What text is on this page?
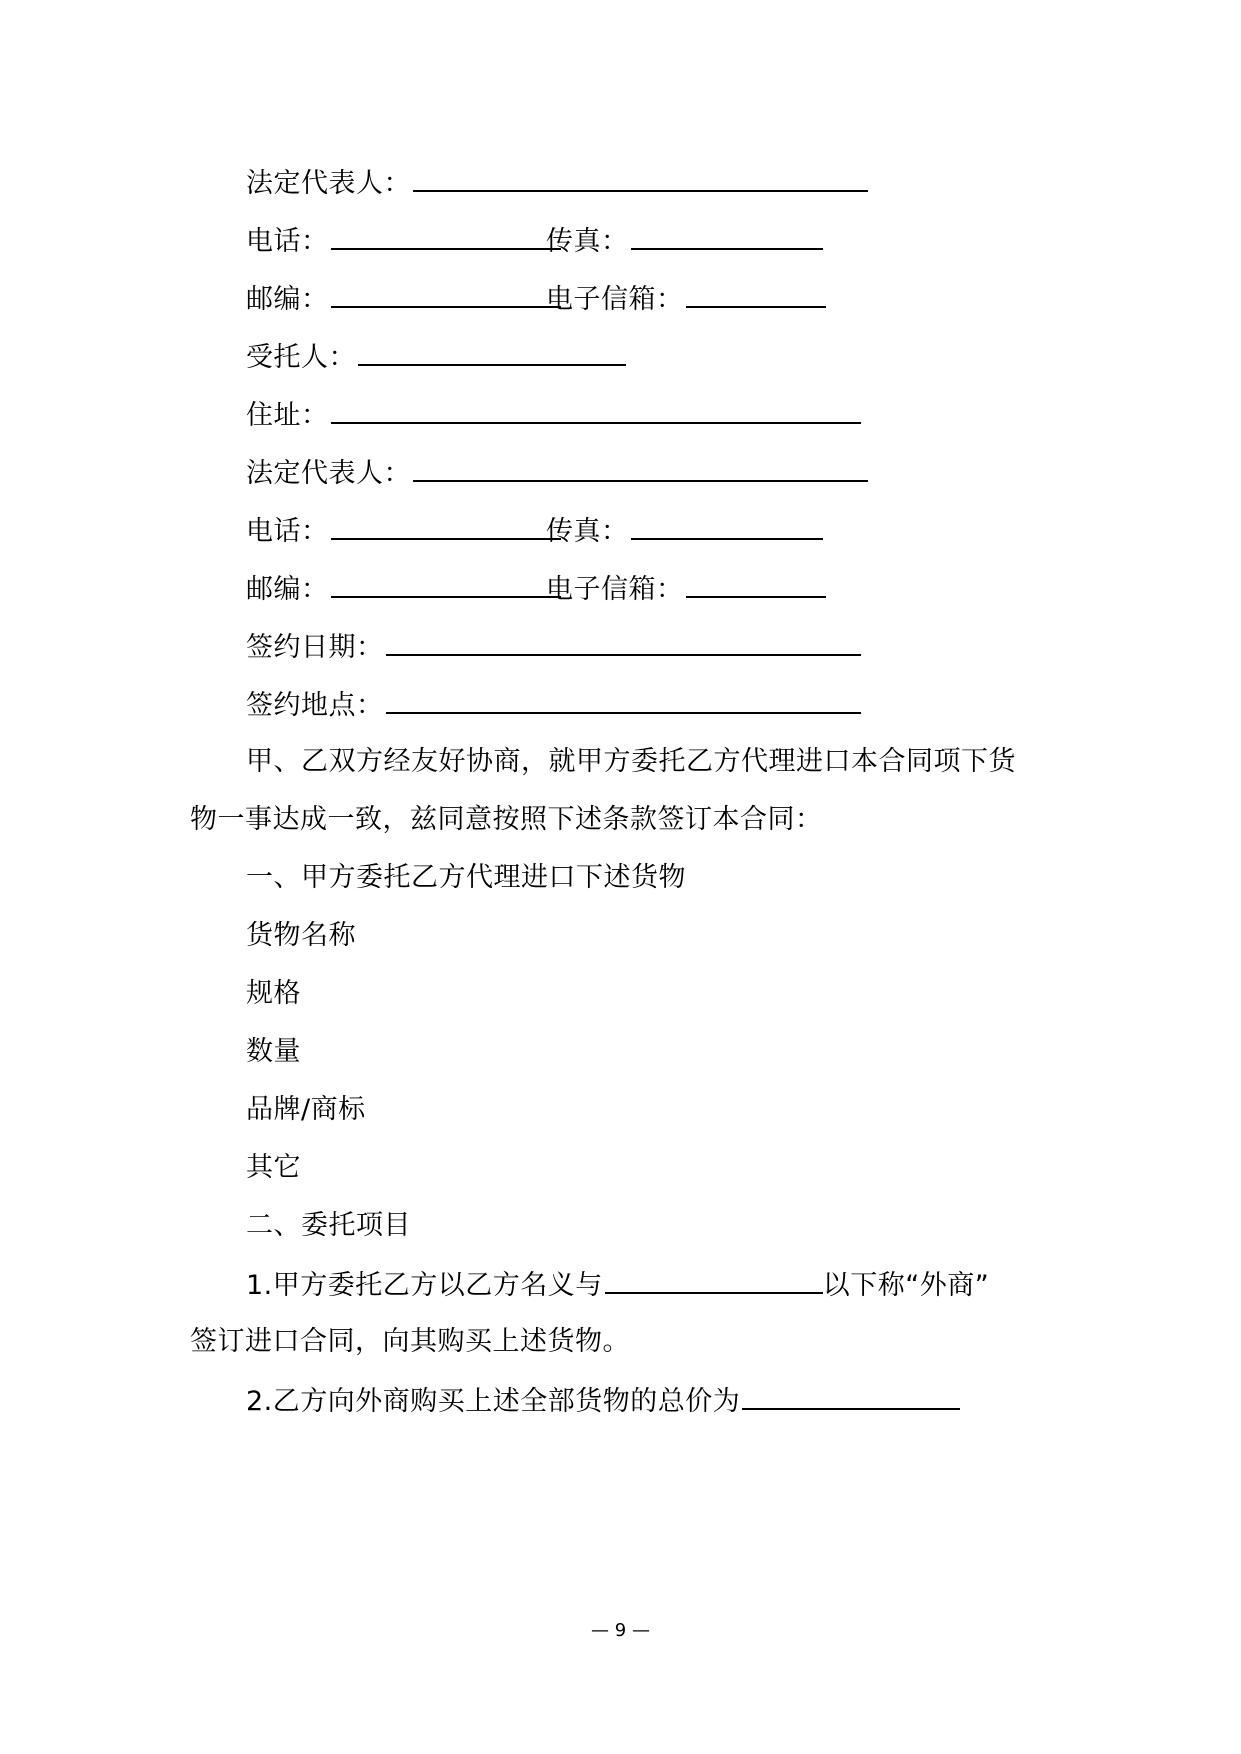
法定代表人：
电话：	传真：
邮编：	电子信箱：
受托人：
住址：
法定代表人：
电话：	传真：
邮编：	电子信箱：
签约日期：
签约地点：
甲、乙双方经友好协商，就甲方委托乙方代理进口本合同项下货
物一事达成一致，兹同意按照下述条款签订本合同：
一、甲方委托乙方代理进口下述货物
货物名称
规格
数量
品牌/商标
其它
二、委托项目
1.甲方委托乙方以乙方名义与	以下称“外商”
签订进口合同，向其购买上述货物。
2.乙方向外商购买上述全部货物的总价为
— 9 —
